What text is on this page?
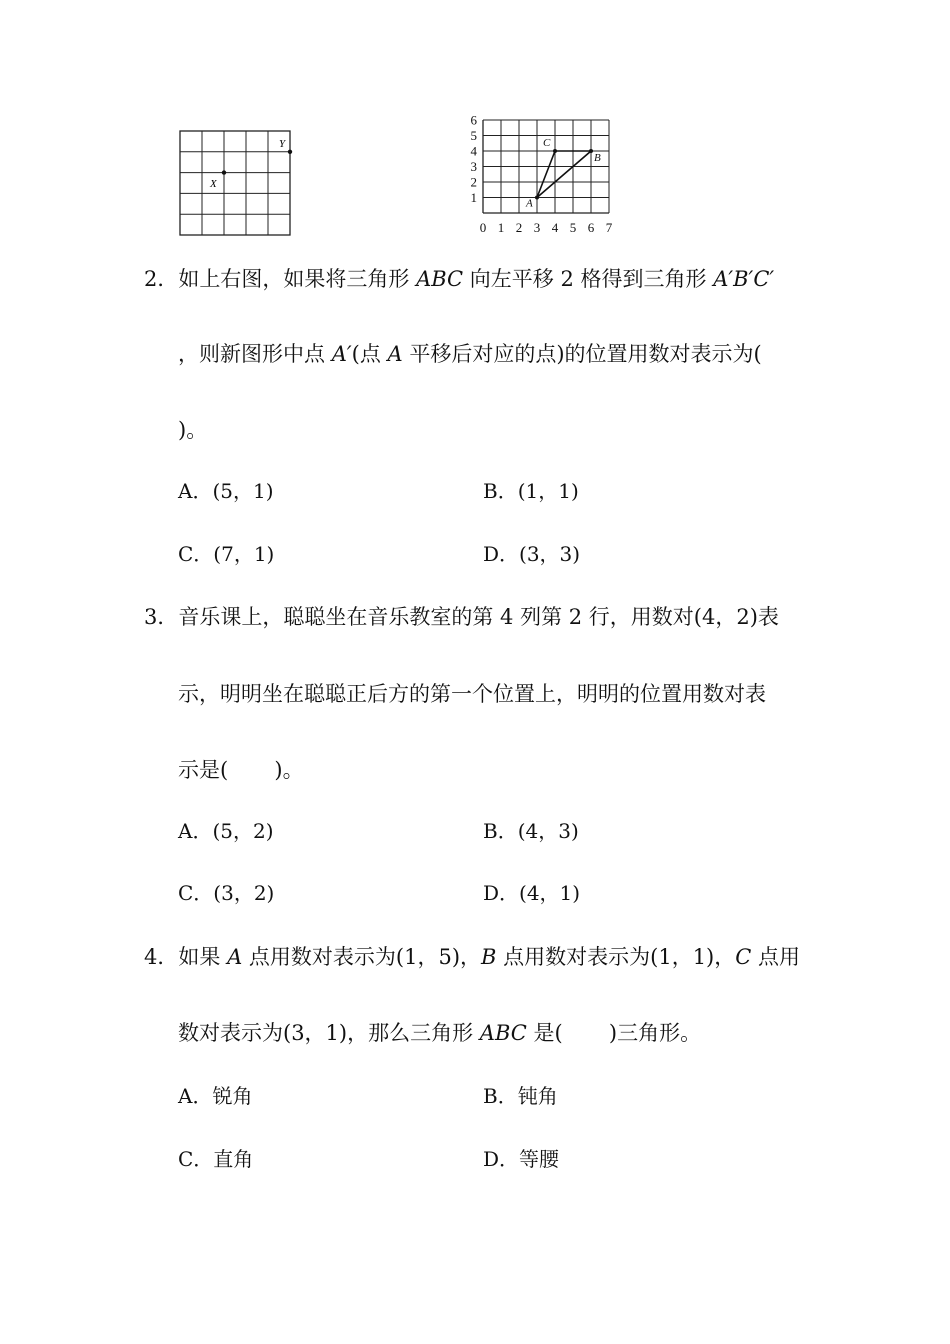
X
Y
0 1 2 3 4 5 6 7
1
2
3
4
5
6
A
B
C
2．如上右图，如果将三角形 ABC 向左平移 2 格得到三角形 A′B′C′
，则新图形中点 A′(点 A 平移后对应的点)的位置用数对表示为(
)。
A．(5，1)	B．(1，1)
C．(7，1)	D．(3，3)
3．音乐课上，聪聪坐在音乐教室的第 4 列第 2 行，用数对(4，2)表
示，明明坐在聪聪正后方的第一个位置上，明明的位置用数对表
示是( )。
A．(5，2)	B．(4，3)
C．(3，2)	D．(4，1)
4．如果 A 点用数对表示为(1，5)，B 点用数对表示为(1，1)，C 点用
数对表示为(3，1)，那么三角形 ABC 是( )三角形。
A．锐角	B．钝角
C．直角	D．等腰
